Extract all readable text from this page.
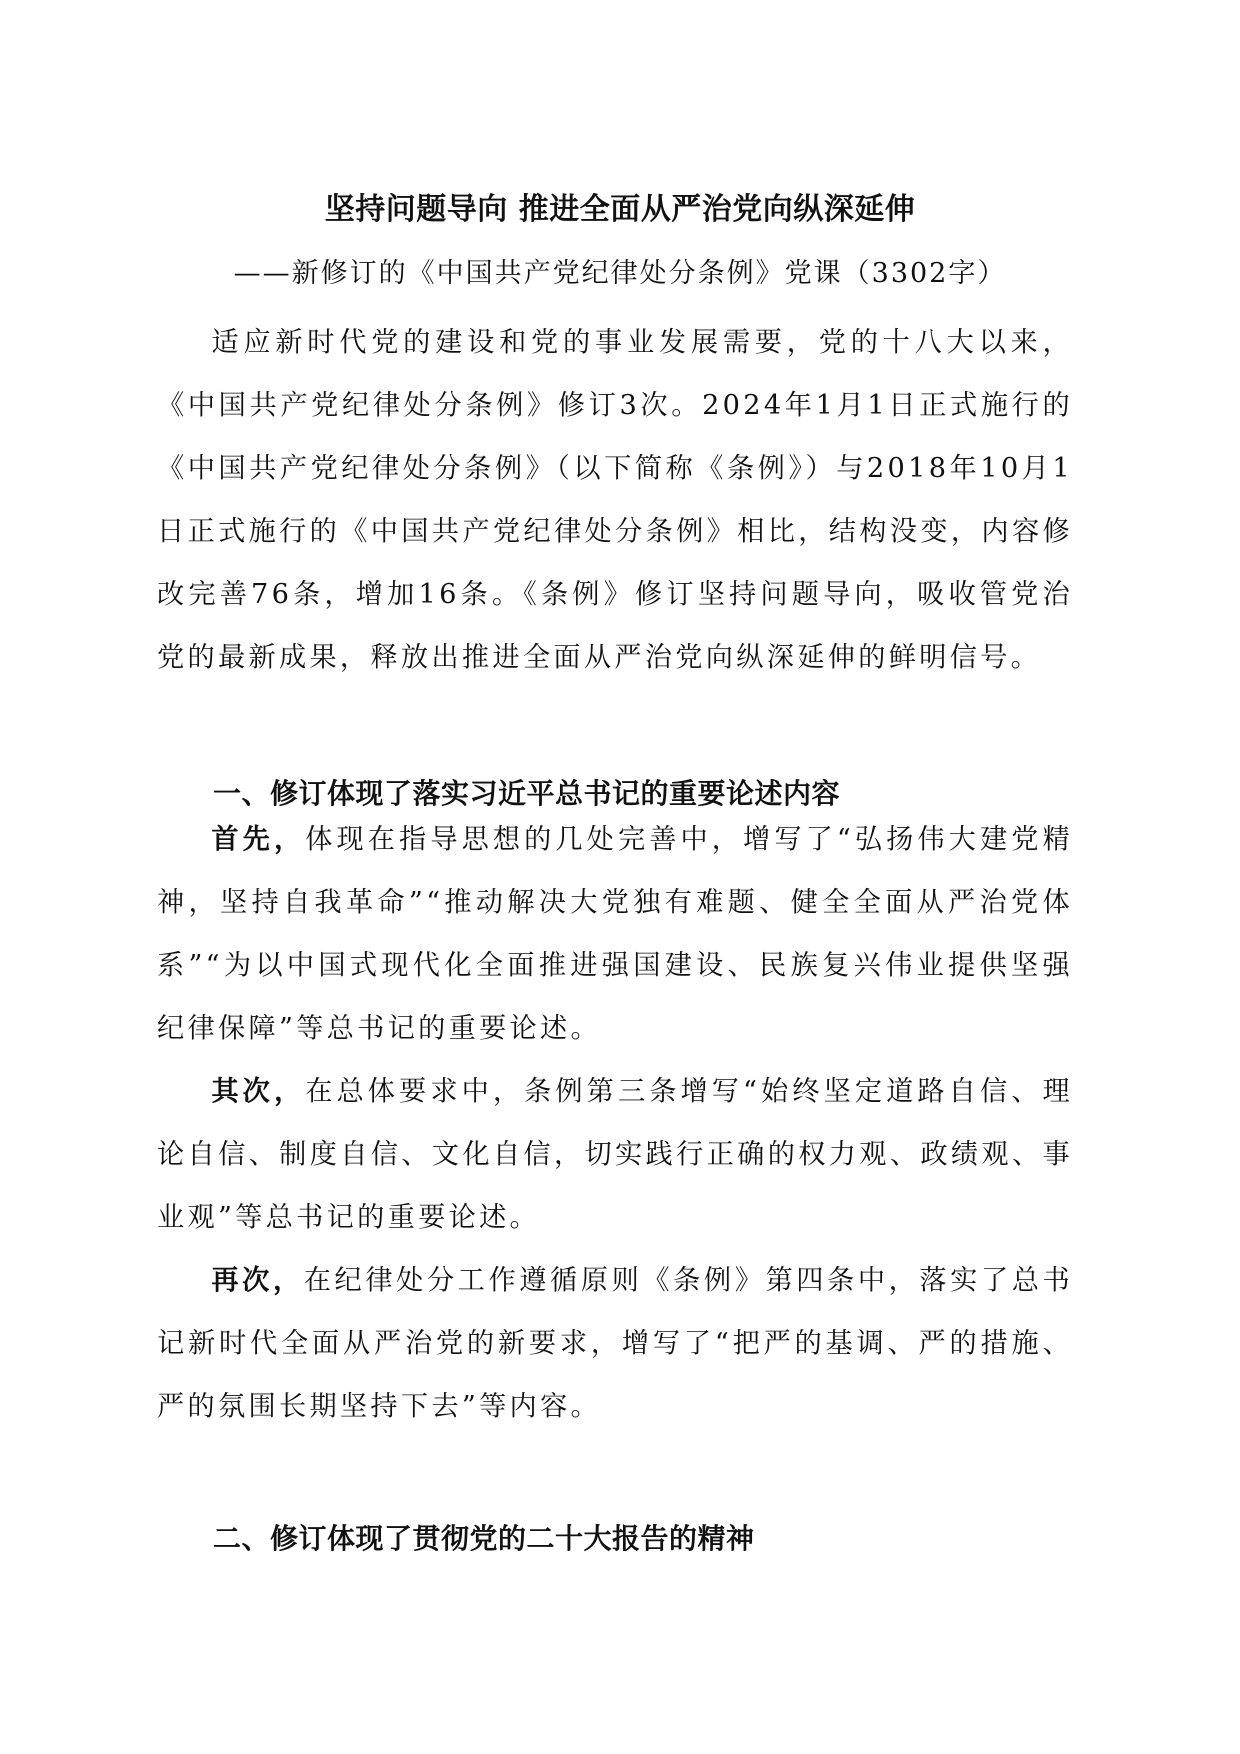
坚持问题导向 推进全面从严治党向纵深延伸
——新修订的《中国共产党纪律处分条例》党课（3302字）

适应新时代党的建设和党的事业发展需要，党的十八大以来，《中国共产党纪律处分条例》修订3次。2024年1月1日正式施行的《中国共产党纪律处分条例》（以下简称《条例》）与2018年10月1日正式施行的《中国共产党纪律处分条例》相比，结构没变，内容修改完善76条，增加16条。《条例》修订坚持问题导向，吸收管党治党的最新成果，释放出推进全面从严治党向纵深延伸的鲜明信号。

一、修订体现了落实习近平总书记的重要论述内容

首先，体现在指导思想的几处完善中，增写了“弘扬伟大建党精神，坚持自我革命”“推动解决大党独有难题、健全全面从严治党体系”“为以中国式现代化全面推进强国建设、民族复兴伟业提供坚强纪律保障”等总书记的重要论述。

其次，在总体要求中，条例第三条增写“始终坚定道路自信、理论自信、制度自信、文化自信，切实践行正确的权力观、政绩观、事业观”等总书记的重要论述。

再次，在纪律处分工作遵循原则《条例》第四条中，落实了总书记新时代全面从严治党的新要求，增写了“把严的基调、严的措施、严的氛围长期坚持下去”等内容。

二、修订体现了贯彻党的二十大报告的精神
